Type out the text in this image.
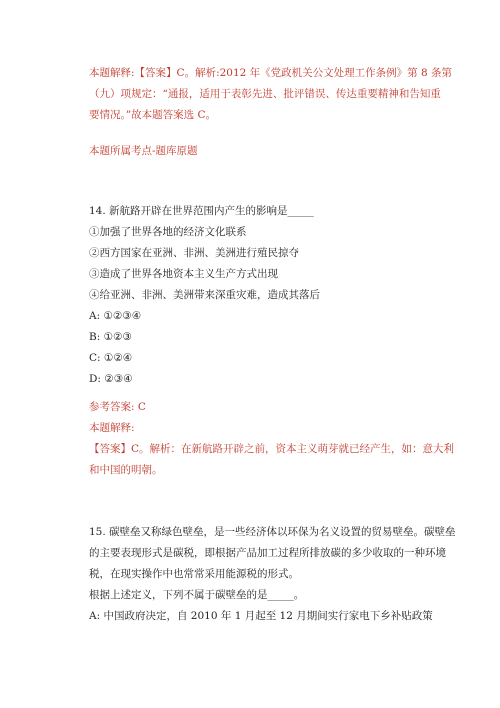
本题解释:【答案】C。解析:2012 年《党政机关公文处理工作条例》第 8 条第
（九）项规定：“通报，适用于表彰先进、批评错误、传达重要精神和告知重
要情况。”故本题答案选 C。
本题所属考点-题库原题
14. 新航路开辟在世界范围内产生的影响是_____
①加强了世界各地的经济文化联系
②西方国家在亚洲、非洲、美洲进行殖民掠夺
③造成了世界各地资本主义生产方式出现
④给亚洲、非洲、美洲带来深重灾难，造成其落后
A: ①②③④
B: ①②③
C: ①②④
D: ②③④
参考答案: C
本题解释:
【答案】C。解析：在新航路开辟之前，资本主义萌芽就已经产生，如：意大利
和中国的明朝。
15. 碳壁垒又称绿色壁垒，是一些经济体以环保为名义设置的贸易壁垒。碳壁垒
的主要表现形式是碳税，即根据产品加工过程所排放碳的多少收取的一种环境
税，在现实操作中也常常采用能源税的形式。
根据上述定义，下列不属于碳壁垒的是_____。
A: 中国政府决定，自 2010 年 1 月起至 12 月期间实行家电下乡补贴政策
